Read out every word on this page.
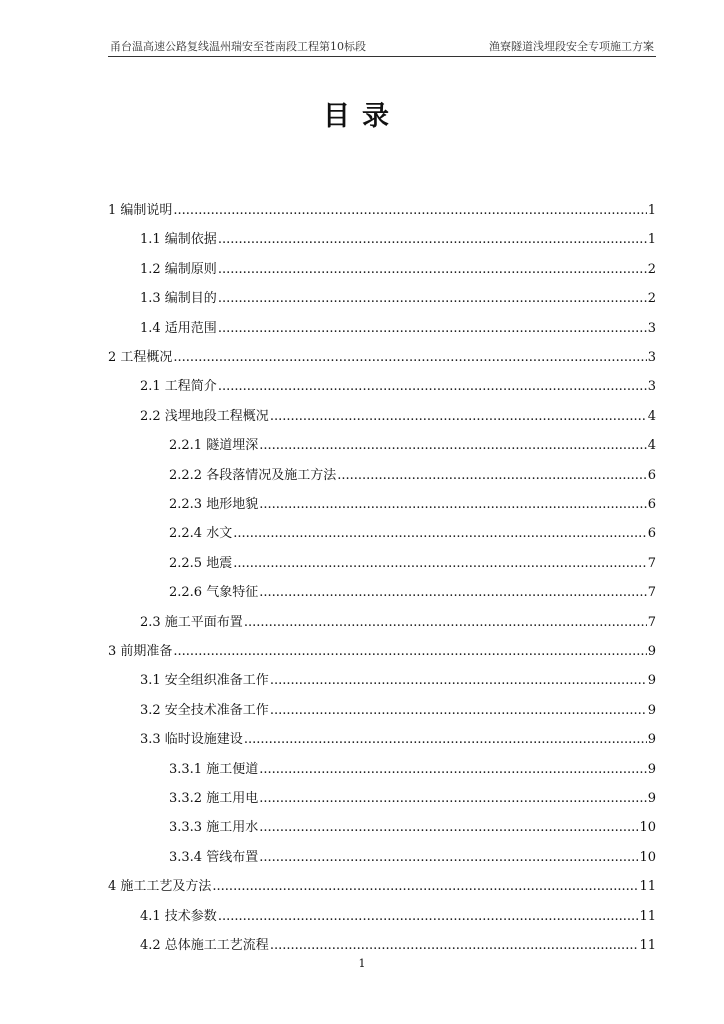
甬台温高速公路复线温州瑞安至苍南段工程第10标段	渔寮隧道浅埋段安全专项施工方案
目录
1 编制说明 .....	1
1.1 编制依据 .....	1
1.2 编制原则 .....	2
1.3 编制目的 .....	2
1.4 适用范围 .....	3
2 工程概况 .....	3
2.1 工程简介 .....	3
2.2 浅埋地段工程概况 .....	4
2.2.1 隧道埋深 .....	4
2.2.2 各段落情况及施工方法 .....	6
2.2.3 地形地貌 .....	6
2.2.4 水文 .....	6
2.2.5 地震 .....	7
2.2.6 气象特征 .....	7
2.3 施工平面布置 .....	7
3 前期准备 .....	9
3.1 安全组织准备工作 .....	9
3.2 安全技术准备工作 .....	9
3.3 临时设施建设 .....	9
3.3.1 施工便道 .....	9
3.3.2 施工用电 .....	9
3.3.3 施工用水 .....	10
3.3.4 管线布置 .....	10
4 施工工艺及方法 .....	11
4.1 技术参数 .....	11
4.2 总体施工工艺流程 .....	11
1
